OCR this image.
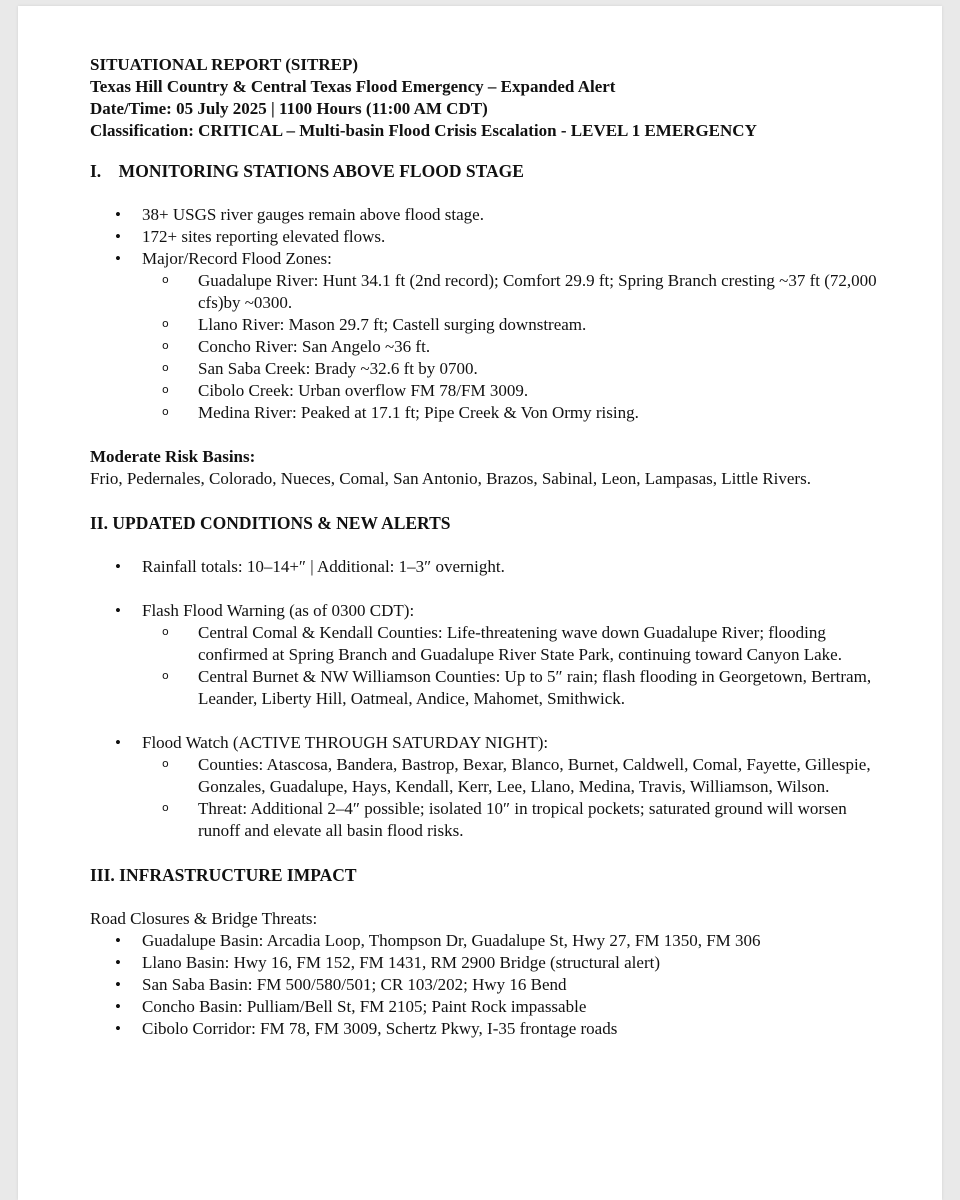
SITUATIONAL REPORT (SITREP)
Texas Hill Country & Central Texas Flood Emergency – Expanded Alert
Date/Time: 05 July 2025 | 1100 Hours (11:00 AM CDT)
Classification: CRITICAL – Multi-basin Flood Crisis Escalation - LEVEL 1 EMERGENCY
I.    MONITORING STATIONS ABOVE FLOOD STAGE
• 38+ USGS river gauges remain above flood stage.
• 172+ sites reporting elevated flows.
• Major/Record Flood Zones:
o Guadalupe River: Hunt 34.1 ft (2nd record); Comfort 29.9 ft; Spring Branch cresting ~37 ft (72,000 cfs)by ~0300.
o Llano River: Mason 29.7 ft; Castell surging downstream.
o Concho River: San Angelo ~36 ft.
o San Saba Creek: Brady ~32.6 ft by 0700.
o Cibolo Creek: Urban overflow FM 78/FM 3009.
o Medina River: Peaked at 17.1 ft; Pipe Creek & Von Ormy rising.
Moderate Risk Basins:
Frio, Pedernales, Colorado, Nueces, Comal, San Antonio, Brazos, Sabinal, Leon, Lampasas, Little Rivers.
II. UPDATED CONDITIONS & NEW ALERTS
• Rainfall totals: 10–14+″ | Additional: 1–3″ overnight.
• Flash Flood Warning (as of 0300 CDT):
o Central Comal & Kendall Counties: Life-threatening wave down Guadalupe River; flooding confirmed at Spring Branch and Guadalupe River State Park, continuing toward Canyon Lake.
o Central Burnet & NW Williamson Counties: Up to 5″ rain; flash flooding in Georgetown, Bertram, Leander, Liberty Hill, Oatmeal, Andice, Mahomet, Smithwick.
• Flood Watch (ACTIVE THROUGH SATURDAY NIGHT):
o Counties: Atascosa, Bandera, Bastrop, Bexar, Blanco, Burnet, Caldwell, Comal, Fayette, Gillespie, Gonzales, Guadalupe, Hays, Kendall, Kerr, Lee, Llano, Medina, Travis, Williamson, Wilson.
o Threat: Additional 2–4″ possible; isolated 10″ in tropical pockets; saturated ground will worsen runoff and elevate all basin flood risks.
III. INFRASTRUCTURE IMPACT
Road Closures & Bridge Threats:
• Guadalupe Basin: Arcadia Loop, Thompson Dr, Guadalupe St, Hwy 27, FM 1350, FM 306
• Llano Basin: Hwy 16, FM 152, FM 1431, RM 2900 Bridge (structural alert)
• San Saba Basin: FM 500/580/501; CR 103/202; Hwy 16 Bend
• Concho Basin: Pulliam/Bell St, FM 2105; Paint Rock impassable
• Cibolo Corridor: FM 78, FM 3009, Schertz Pkwy, I-35 frontage roads
